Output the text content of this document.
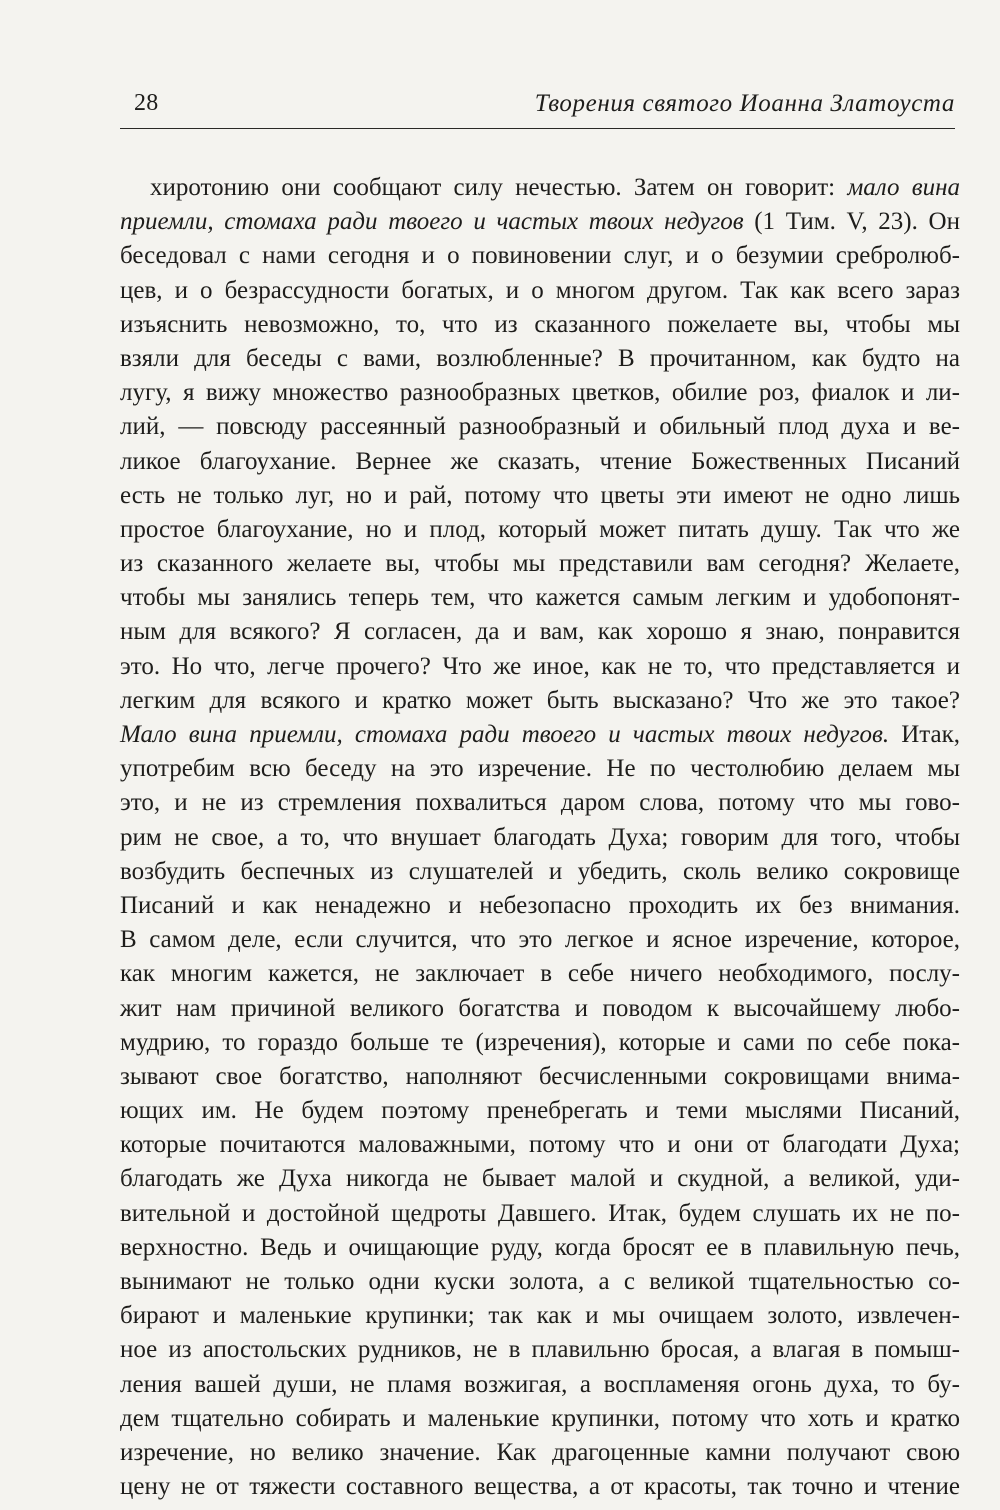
28	Творения святого Иоанна Златоуста
хиротонию они сообщают силу нечестью. Затем он говорит: мало вина
приемли, стомаха ради твоего и частых твоих недугов (1 Тим. V, 23). Он
беседовал с нами сегодня и о повиновении слуг, и о безумии сребролюб-
цев, и о безрассудности богатых, и о многом другом. Так как всего зараз
изъяснить невозможно, то, что из сказанного пожелаете вы, чтобы мы
взяли для беседы с вами, возлюбленные? В прочитанном, как будто на
лугу, я вижу множество разнообразных цветков, обилие роз, фиалок и ли-
лий, — повсюду рассеянный разнообразный и обильный плод духа и ве-
ликое благоухание. Вернее же сказать, чтение Божественных Писаний
есть не только луг, но и рай, потому что цветы эти имеют не одно лишь
простое благоухание, но и плод, который может питать душу. Так что же
из сказанного желаете вы, чтобы мы представили вам сегодня? Желаете,
чтобы мы занялись теперь тем, что кажется самым легким и удобопонят-
ным для всякого? Я согласен, да и вам, как хорошо я знаю, понравится
это. Но что, легче прочего? Что же иное, как не то, что представляется и
легким для всякого и кратко может быть высказано? Что же это такое?
Мало вина приемли, стомаха ради твоего и частых твоих недугов. Итак,
употребим всю беседу на это изречение. Не по честолюбию делаем мы
это, и не из стремления похвалиться даром слова, потому что мы гово-
рим не свое, а то, что внушает благодать Духа; говорим для того, чтобы
возбудить беспечных из слушателей и убедить, сколь велико сокровище
Писаний и как ненадежно и небезопасно проходить их без внимания.
В самом деле, если случится, что это легкое и ясное изречение, которое,
как многим кажется, не заключает в себе ничего необходимого, послу-
жит нам причиной великого богатства и поводом к высочайшему любо-
мудрию, то гораздо больше те (изречения), которые и сами по себе пока-
зывают свое богатство, наполняют бесчисленными сокровищами внима-
ющих им. Не будем поэтому пренебрегать и теми мыслями Писаний,
которые почитаются маловажными, потому что и они от благодати Духа;
благодать же Духа никогда не бывает малой и скудной, а великой, уди-
вительной и достойной щедроты Давшего. Итак, будем слушать их не по-
верхностно. Ведь и очищающие руду, когда бросят ее в плавильную печь,
вынимают не только одни куски золота, а с великой тщательностью со-
бирают и маленькие крупинки; так как и мы очищаем золото, извлечен-
ное из апостольских рудников, не в плавильню бросая, а влагая в помыш-
ления вашей души, не пламя возжигая, а воспламеняя огонь духа, то бу-
дем тщательно собирать и маленькие крупинки, потому что хоть и кратко
изречение, но велико значение. Как драгоценные камни получают свою
цену не от тяжести составного вещества, а от красоты, так точно и чтение
